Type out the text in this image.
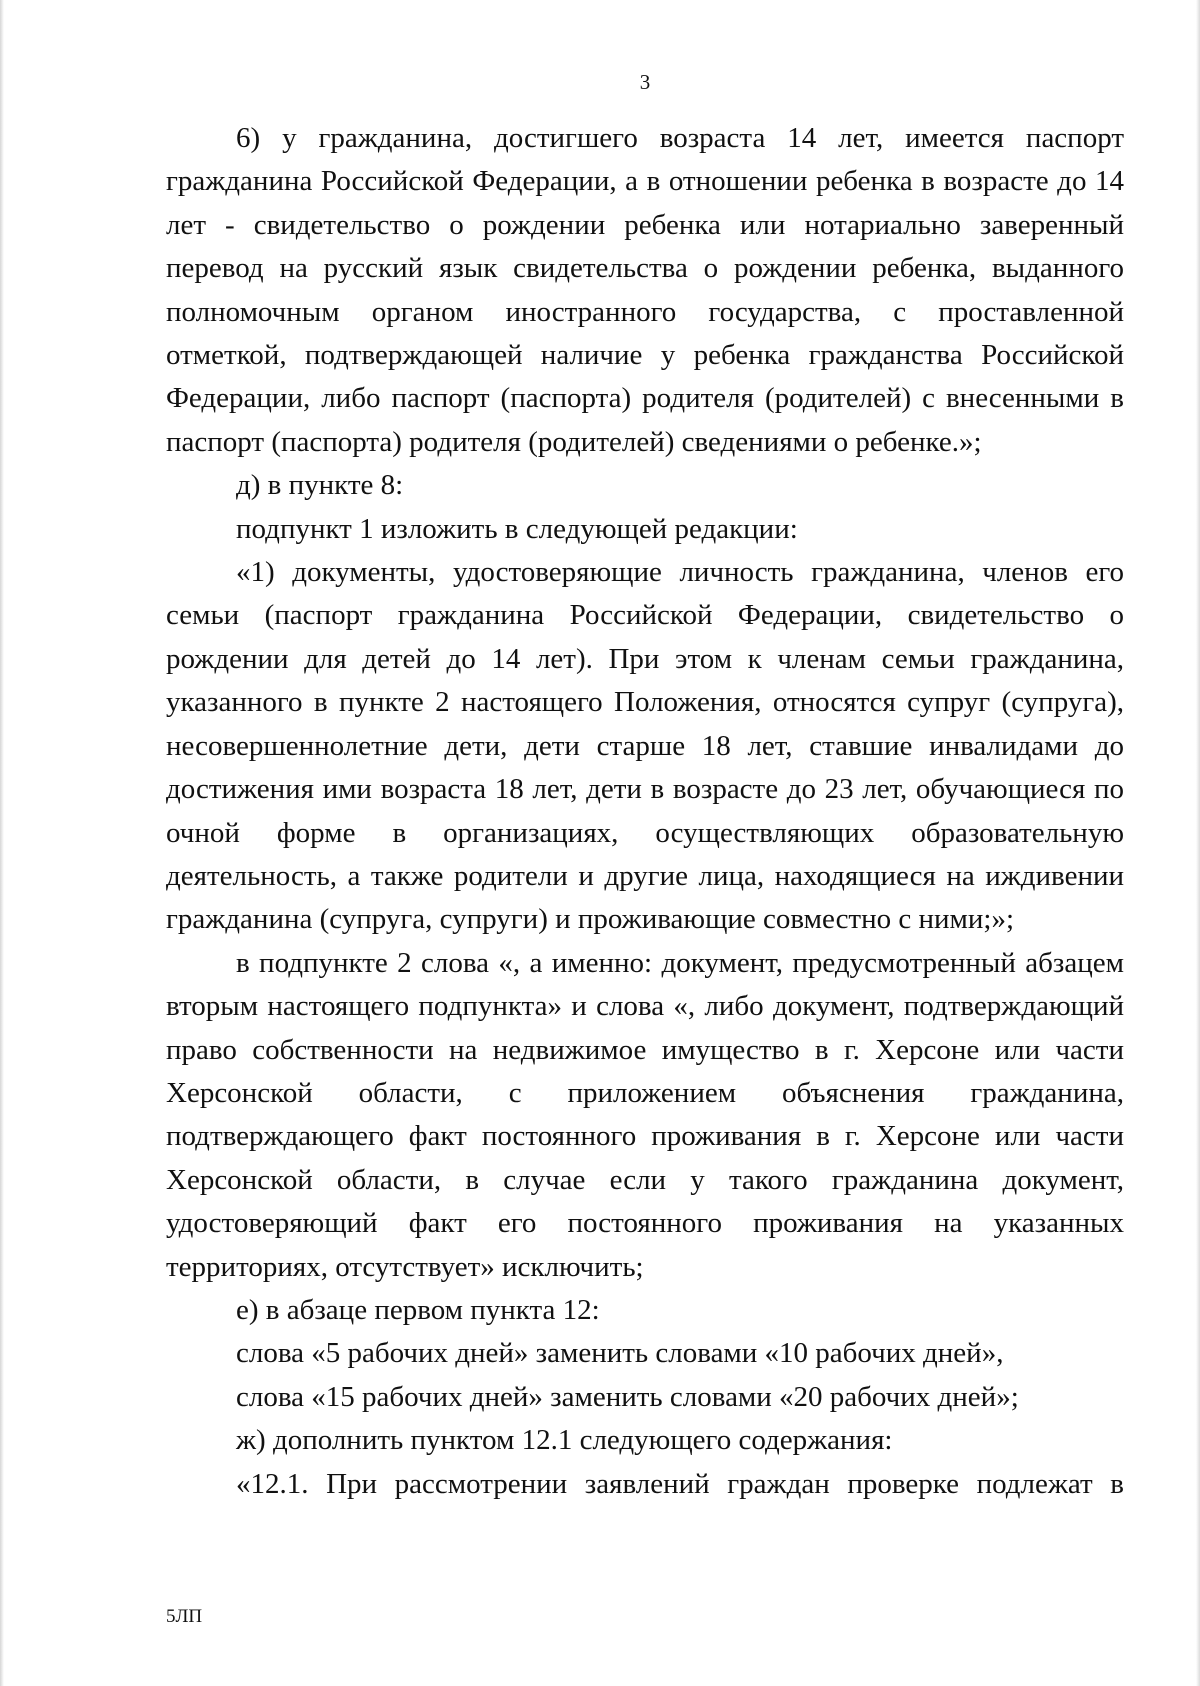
3

6) у гражданина, достигшего возраста 14 лет, имеется паспорт гражданина Российской Федерации, а в отношении ребенка в возрасте до 14 лет - свидетельство о рождении ребенка или нотариально заверенный перевод на русский язык свидетельства о рождении ребенка, выданного полномочным органом иностранного государства, с проставленной отметкой, подтверждающей наличие у ребенка гражданства Российской Федерации, либо паспорт (паспорта) родителя (родителей) с внесенными в паспорт (паспорта) родителя (родителей) сведениями о ребенке.»;

д) в пункте 8:

подпункт 1 изложить в следующей редакции:

«1) документы, удостоверяющие личность гражданина, членов его семьи (паспорт гражданина Российской Федерации, свидетельство о рождении для детей до 14 лет). При этом к членам семьи гражданина, указанного в пункте 2 настоящего Положения, относятся супруг (супруга), несовершеннолетние дети, дети старше 18 лет, ставшие инвалидами до достижения ими возраста 18 лет, дети в возрасте до 23 лет, обучающиеся по очной форме в организациях, осуществляющих образовательную деятельность, а также родители и другие лица, находящиеся на иждивении гражданина (супруга, супруги) и проживающие совместно с ними;»;

в подпункте 2 слова «, а именно: документ, предусмотренный абзацем вторым настоящего подпункта» и слова «, либо документ, подтверждающий право собственности на недвижимое имущество в г. Херсоне или части Херсонской области, с приложением объяснения гражданина, подтверждающего факт постоянного проживания в г. Херсоне или части Херсонской области, в случае если у такого гражданина документ, удостоверяющий факт его постоянного проживания на указанных территориях, отсутствует» исключить;

е) в абзаце первом пункта 12:

слова «5 рабочих дней» заменить словами «10 рабочих дней»,

слова «15 рабочих дней» заменить словами «20 рабочих дней»;

ж) дополнить пунктом 12.1 следующего содержания:

«12.1. При рассмотрении заявлений граждан проверке подлежат в

5ЛП
